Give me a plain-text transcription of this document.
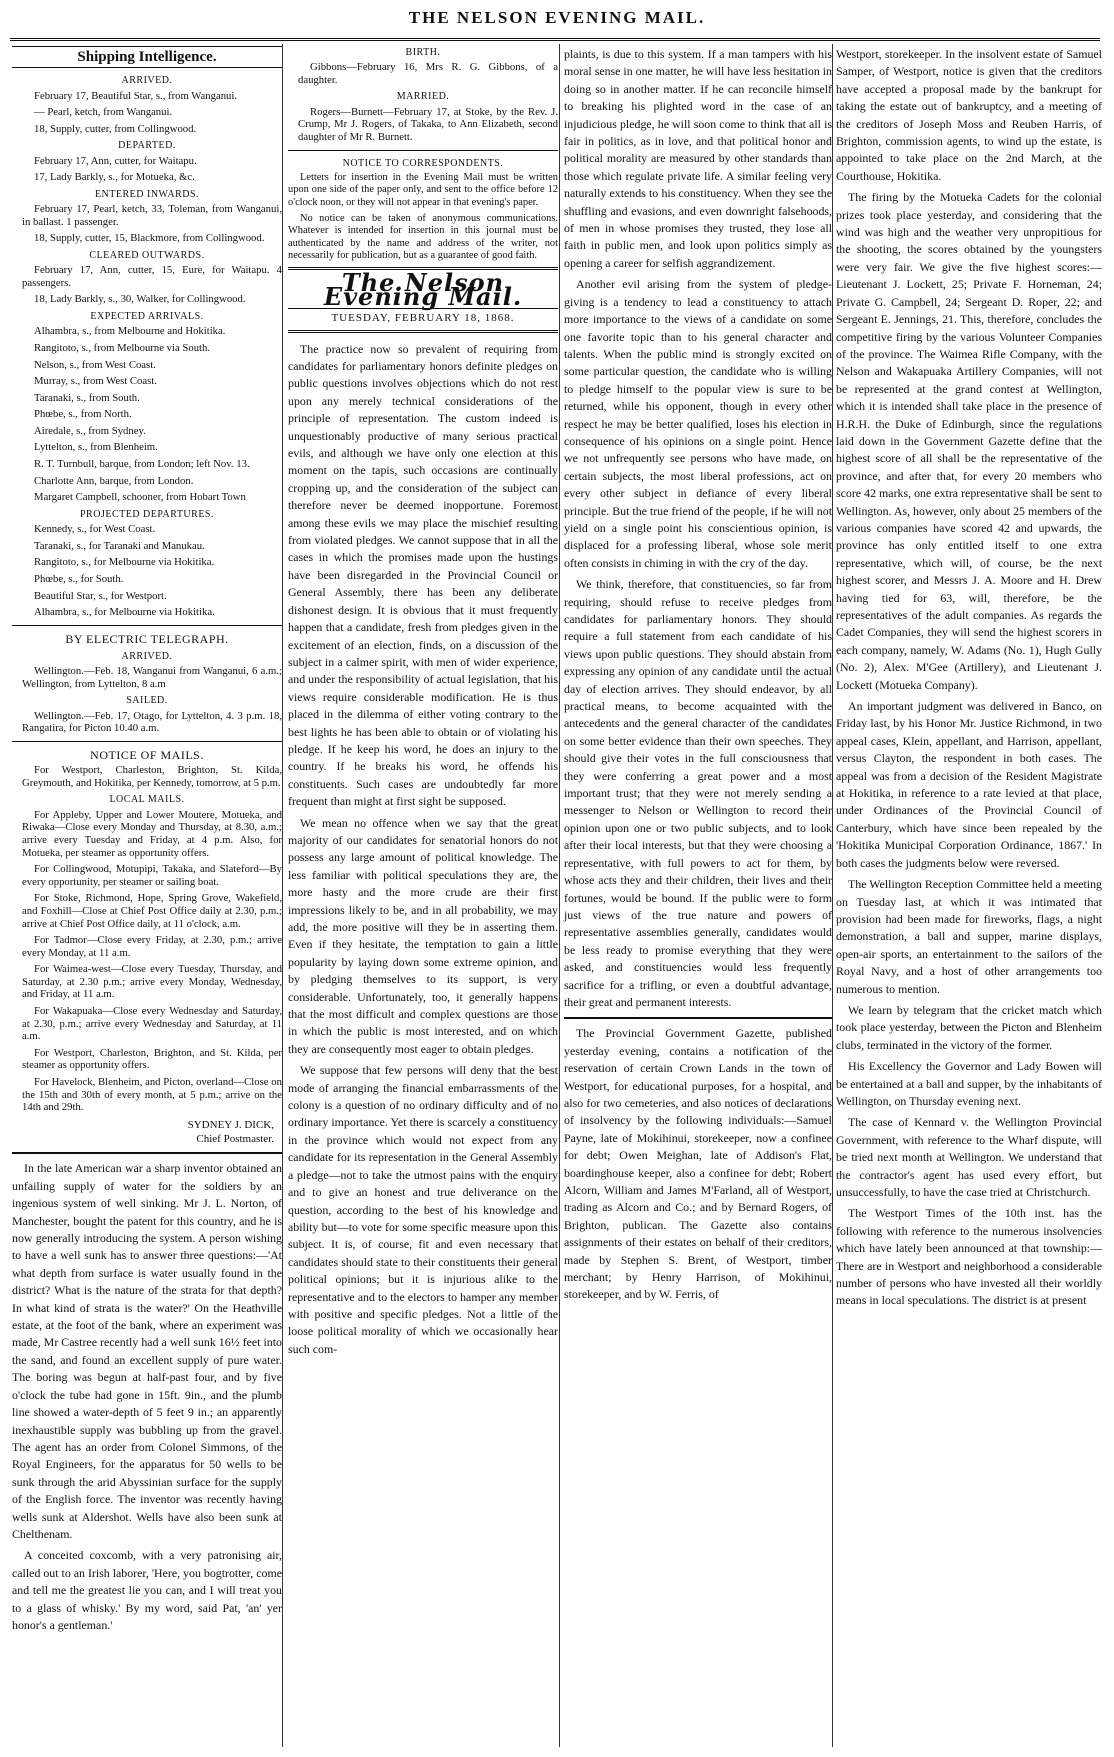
THE NELSON EVENING MAIL.
Shipping Intelligence.
ARRIVED.

February 17, Beautiful Star, s., from Wanganui.

— Pearl, ketch, from Wanganui.

18, Supply, cutter, from Collingwood.

DEPARTED.

February 17, Ann, cutter, for Waitapu.

17, Lady Barkly, s., for Motueka, &c.

ENTERED INWARDS.

February 17, Pearl, ketch, 33, Toleman, from Wanganui, in ballast. 1 passenger.

18, Supply, cutter, 15, Blackmore, from Collingwood.

CLEARED OUTWARDS.

February 17, Ann, cutter, 15, Eure, for Waitapu. 4 passengers.

18, Lady Barkly, s., 30, Walker, for Collingwood.

EXPECTED ARRIVALS.

Alhambra, s., from Melbourne and Hokitika.

Rangitoto, s., from Melbourne via South.

Nelson, s., from West Coast.

Murray, s., from West Coast.

Taranaki, s., from South.

Phœbe, s., from North.

Airedale, s., from Sydney.

Lyttelton, s., from Blenheim.

R. T. Turnbull, barque, from London; left Nov. 13.

Charlotte Ann, barque, from London.

Margaret Campbell, schooner, from Hobart Town

PROJECTED DEPARTURES.

Kennedy, s., for West Coast.

Taranaki, s., for Taranaki and Manukau.

Rangitoto, s., for Melbourne via Hokitika.

Phœbe, s., for South.

Beautiful Star, s., for Westport.

Alhambra, s., for Melbourne via Hokitika.

BY ELECTRIC TELEGRAPH.
ARRIVED.

Wellington.—Feb. 18, Wanganui from Wanganui, 6 a.m.; Wellington, from Lyttelton, 8 a.m

SAILED.

Wellington.—Feb. 17, Otago, for Lyttelton, 4. 3 p.m. 18, Rangatira, for Picton 10.40 a.m.

NOTICE OF MAILS.

For Westport, Charleston, Brighton, St. Kilda, Greymouth, and Hokitika, per Kennedy, tomorrow, at 5 p.m.

LOCAL MAILS.

For Appleby, Upper and Lower Moutere, Motueka, and Riwaka—Close every Monday and Thursday, at 8.30, a.m.; arrive every Tuesday and Friday, at 4 p.m. Also, for Motueka, per steamer as opportunity offers.

For Collingwood, Motupipi, Takaka, and Slateford—By every opportunity, per steamer or sailing boat.

For Stoke, Richmond, Hope, Spring Grove, Wakefield, and Foxhill—Close at Chief Post Office daily at 2.30, p.m.; arrive at Chief Post Office daily, at 11 o'clock, a.m.

For Tadmor—Close every Friday, at 2.30, p.m.; arrive every Monday, at 11 a.m.

For Waimea-west—Close every Tuesday, Thursday, and Saturday, at 2.30 p.m.; arrive every Monday, Wednesday, and Friday, at 11 a.m.

For Wakapuaka—Close every Wednesday and Saturday, at 2.30, p.m.; arrive every Wednesday and Saturday, at 11 a.m.

For Westport, Charleston, Brighton, and St. Kilda, per steamer as opportunity offers.

For Havelock, Blenheim, and Picton, overland—Close on the 15th and 30th of every month, at 5 p.m.; arrive on the 14th and 29th.

SYDNEY J. DICK,
Chief Postmaster.

In the late American war a sharp inventor obtained an unfailing supply of water for the soldiers by an ingenious system of well sinking. Mr J. L. Norton, of Manchester, bought the patent for this country, and he is now generally introducing the system. A person wishing to have a well sunk has to answer three questions:—'At what depth from surface is water usually found in the district? What is the nature of the strata for that depth? In what kind of strata is the water?' On the Heathville estate, at the foot of the bank, where an experiment was made, Mr Castree recently had a well sunk 16½ feet into the sand, and found an excellent supply of pure water. The boring was begun at half-past four, and by five o'clock the tube had gone in 15ft. 9in., and the plumb line showed a water-depth of 5 feet 9 in.; an apparently inexhaustible supply was bubbling up from the gravel. The agent has an order from Colonel Simmons, of the Royal Engineers, for the apparatus for 50 wells to be sunk through the arid Abyssinian surface for the supply of the English force. The inventor was recently having wells sunk at Aldershot. Wells have also been sunk at Chelthenam.

A conceited coxcomb, with a very patronising air, called out to an Irish laborer, 'Here, you bogtrotter, come and tell me the greatest lie you can, and I will treat you to a glass of whisky.' By my word, said Pat, 'an' yer honor's a gentleman.'

BIRTH.

Gibbons—February 16, Mrs R. G. Gibbons, of a daughter.

MARRIED.

Rogers—Burnett—February 17, at Stoke, by the Rev. J. Crump, Mr J. Rogers, of Takaka, to Ann Elizabeth, second daughter of Mr R. Burnett.

NOTICE TO CORRESPONDENTS.

Letters for insertion in the Evening Mail must be written upon one side of the paper only, and sent to the office before 12 o'clock noon, or they will not appear in that evening's paper.

No notice can be taken of anonymous communications. Whatever is intended for insertion in this journal must be authenticated by the name and address of the writer, not necessarily for publication, but as a guarantee of good faith.

The Nelson Evening Mail.
TUESDAY, FEBRUARY 18, 1868.

The practice now so prevalent of requiring from candidates for parliamentary honors definite pledges on public questions involves objections which do not rest upon any merely technical considerations of the principle of representation. The custom indeed is unquestionably productive of many serious practical evils, and although we have only one election at this moment on the tapis, such occasions are continually cropping up, and the consideration of the subject can therefore never be deemed inopportune. Foremost among these evils we may place the mischief resulting from violated pledges. We cannot suppose that in all the cases in which the promises made upon the hustings have been disregarded in the Provincial Council or General Assembly, there has been any deliberate dishonest design. It is obvious that it must frequently happen that a candidate, fresh from pledges given in the excitement of an election, finds, on a discussion of the subject in a calmer spirit, with men of wider experience, and under the responsibility of actual legislation, that his views require considerable modification. He is thus placed in the dilemma of either voting contrary to the best lights he has been able to obtain or of violating his pledge. If he keep his word, he does an injury to the country. If he breaks his word, he offends his constituents. Such cases are undoubtedly far more frequent than might at first sight be supposed.

We mean no offence when we say that the great majority of our candidates for senatorial honors do not possess any large amount of political knowledge. The less familiar with political speculations they are, the more hasty and the more crude are their first impressions likely to be, and in all probability, we may add, the more positive will they be in asserting them. Even if they hesitate, the temptation to gain a little popularity by laying down some extreme opinion, and by pledging themselves to its support, is very considerable. Unfortunately, too, it generally happens that the most difficult and complex questions are those in which the public is most interested, and on which they are consequently most eager to obtain pledges.

We suppose that few persons will deny that the best mode of arranging the financial embarrassments of the colony is a question of no ordinary difficulty and of no ordinary importance. Yet there is scarcely a constituency in the province which would not expect from any candidate for its representation in the General Assembly a pledge—not to take the utmost pains with the enquiry and to give an honest and true deliverance on the question, according to the best of his knowledge and ability but—to vote for some specific measure upon this subject. It is, of course, fit and even necessary that candidates should state to their constituents their general political opinions; but it is injurious alike to the representative and to the electors to hamper any member with positive and specific pledges. Not a little of the loose political morality of which we occasionally hear such com-

plaints, is due to this system. If a man tampers with his moral sense in one matter, he will have less hesitation in doing so in another matter. If he can reconcile himself to breaking his plighted word in the case of an injudicious pledge, he will soon come to think that all is fair in politics, as in love, and that political honor and political morality are measured by other standards than those which regulate private life. A similar feeling very naturally extends to his constituency. When they see the shuffling and evasions, and even downright falsehoods, of men in whose promises they trusted, they lose all faith in public men, and look upon politics simply as opening a career for selfish aggrandizement.

Another evil arising from the system of pledge-giving is a tendency to lead a constituency to attach more importance to the views of a candidate on some one favorite topic than to his general character and talents. When the public mind is strongly excited on some particular question, the candidate who is willing to pledge himself to the popular view is sure to be returned, while his opponent, though in every other respect he may be better qualified, loses his election in consequence of his opinions on a single point. Hence we not unfrequently see persons who have made, on certain subjects, the most liberal professions, act on every other subject in defiance of every liberal principle. But the true friend of the people, if he will not yield on a single point his conscientious opinion, is displaced for a professing liberal, whose sole merit often consists in chiming in with the cry of the day.

We think, therefore, that constituencies, so far from requiring, should refuse to receive pledges from candidates for parliamentary honors. They should require a full statement from each candidate of his views upon public questions. They should abstain from expressing any opinion of any candidate until the actual day of election arrives. They should endeavor, by all practical means, to become acquainted with the antecedents and the general character of the candidates on some better evidence than their own speeches. They should give their votes in the full consciousness that they were conferring a great power and a most important trust; that they were not merely sending a messenger to Nelson or Wellington to record their opinion upon one or two public subjects, and to look after their local interests, but that they were choosing a representative, with full powers to act for them, by whose acts they and their children, their lives and their fortunes, would be bound. If the public were to form just views of the true nature and powers of representative assemblies generally, candidates would be less ready to promise everything that they were asked, and constituencies would less frequently sacrifice for a trifling, or even a doubtful advantage, their great and permanent interests.

The Provincial Government Gazette, published yesterday evening, contains a notification of the reservation of certain Crown Lands in the town of Westport, for educational purposes, for a hospital, and also for two cemeteries, and also notices of declarations of insolvency by the following individuals:—Samuel Payne, late of Mokihinui, storekeeper, now a confinee for debt; Owen Meighan, late of Addison's Flat, boardinghouse keeper, also a confinee for debt; Robert Alcorn, William and James M'Farland, all of Westport, trading as Alcorn and Co.; and by Bernard Rogers, of Brighton, publican. The Gazette also contains assignments of their estates on behalf of their creditors, made by Stephen S. Brent, of Westport, timber merchant; by Henry Harrison, of Mokihinui, storekeeper, and by W. Ferris, of

Westport, storekeeper. In the insolvent estate of Samuel Samper, of Westport, notice is given that the creditors have accepted a proposal made by the bankrupt for taking the estate out of bankruptcy, and a meeting of the creditors of Joseph Moss and Reuben Harris, of Brighton, commission agents, to wind up the estate, is appointed to take place on the 2nd March, at the Courthouse, Hokitika.

The firing by the Motueka Cadets for the colonial prizes took place yesterday, and considering that the wind was high and the weather very unpropitious for the shooting, the scores obtained by the youngsters were very fair. We give the five highest scores:—Lieutenant J. Lockett, 25; Private F. Horneman, 24; Private G. Campbell, 24; Sergeant D. Roper, 22; and Sergeant E. Jennings, 21. This, therefore, concludes the competitive firing by the various Volunteer Companies of the province. The Waimea Rifle Company, with the Nelson and Wakapuaka Artillery Companies, will not be represented at the grand contest at Wellington, which it is intended shall take place in the presence of H.R.H. the Duke of Edinburgh, since the regulations laid down in the Government Gazette define that the highest score of all shall be the representative of the province, and after that, for every 20 members who score 42 marks, one extra representative shall be sent to Wellington. As, however, only about 25 members of the various companies have scored 42 and upwards, the province has only entitled itself to one extra representative, which will, of course, be the next highest scorer, and Messrs J. A. Moore and H. Drew having tied for 63, will, therefore, be the representatives of the adult companies. As regards the Cadet Companies, they will send the highest scorers in each company, namely, W. Adams (No. 1), Hugh Gully (No. 2), Alex. M'Gee (Artillery), and Lieutenant J. Lockett (Motueka Company).

An important judgment was delivered in Banco, on Friday last, by his Honor Mr. Justice Richmond, in two appeal cases, Klein, appellant, and Harrison, appellant, versus Clayton, the respondent in both cases. The appeal was from a decision of the Resident Magistrate at Hokitika, in reference to a rate levied at that place, under Ordinances of the Provincial Council of Canterbury, which have since been repealed by the 'Hokitika Municipal Corporation Ordinance, 1867.' In both cases the judgments below were reversed.

The Wellington Reception Committee held a meeting on Tuesday last, at which it was intimated that provision had been made for fireworks, flags, a night demonstration, a ball and supper, marine displays, open-air sports, an entertainment to the sailors of the Royal Navy, and a host of other arrangements too numerous to mention.

We learn by telegram that the cricket match which took place yesterday, between the Picton and Blenheim clubs, terminated in the victory of the former.

His Excellency the Governor and Lady Bowen will be entertained at a ball and supper, by the inhabitants of Wellington, on Thursday evening next.

The case of Kennard v. the Wellington Provincial Government, with reference to the Wharf dispute, will be tried next month at Wellington. We understand that the contractor's agent has used every effort, but unsuccessfully, to have the case tried at Christchurch.

The Westport Times of the 10th inst. has the following with reference to the numerous insolvencies which have lately been announced at that township:—There are in Westport and neighborhood a considerable number of persons who have invested all their worldly means in local speculations. The district is at present
